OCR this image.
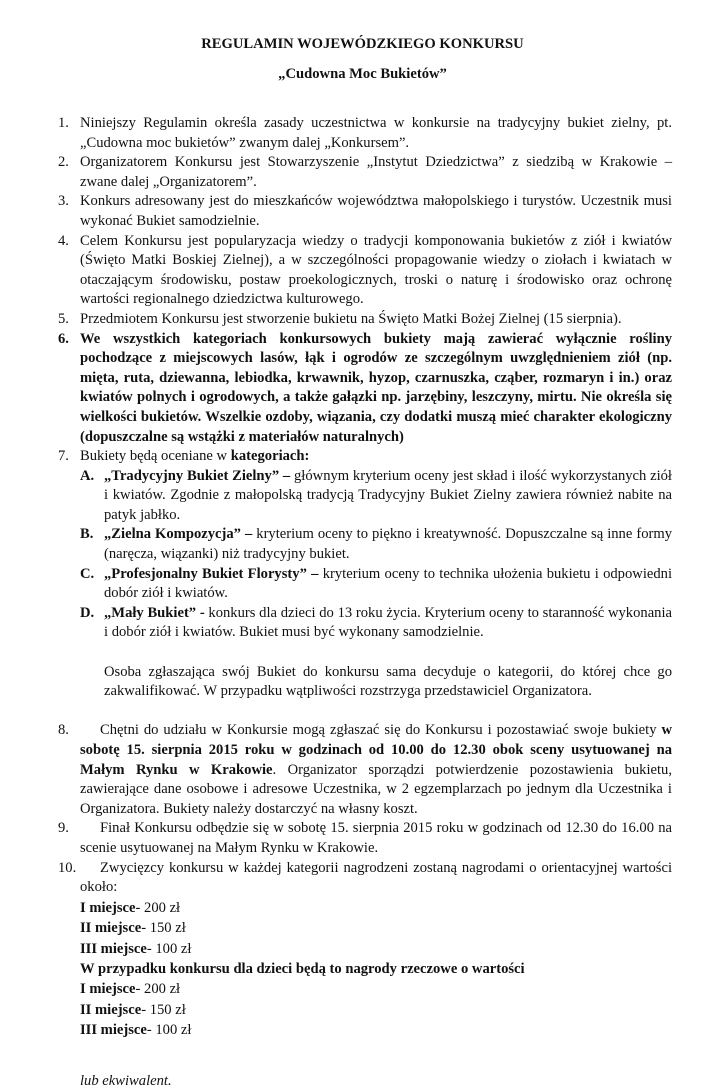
REGULAMIN WOJEWÓDZKIEGO KONKURSU
„Cudowna Moc Bukietów”
1. Niniejszy Regulamin określa zasady uczestnictwa w konkursie na tradycyjny bukiet zielny, pt. „Cudowna moc bukietów” zwanym dalej „Konkursem”.
2. Organizatorem Konkursu jest Stowarzyszenie „Instytut Dziedzictwa” z siedzibą w Krakowie – zwane dalej „Organizatorem”.
3. Konkurs adresowany jest do mieszkańców województwa małopolskiego i turystów. Uczestnik musi wykonać Bukiet samodzielnie.
4. Celem Konkursu jest popularyzacja wiedzy o tradycji komponowania bukietów z ziół i kwiatów (Święto Matki Boskiej Zielnej), a w szczególności propagowanie wiedzy o ziołach i kwiatach w otaczającym środowisku, postaw proekologicznych, troski o naturę i środowisko oraz ochronę wartości regionalnego dziedzictwa kulturowego.
5. Przedmiotem Konkursu jest stworzenie bukietu na Święto Matki Bożej Zielnej (15 sierpnia).
6. We wszystkich kategoriach konkursowych bukiety mają zawierać wyłącznie rośliny pochodzące z miejscowych lasów, łąk i ogrodów ze szczególnym uwzględnieniem ziół (np. mięta, ruta, dziewanna, lebiodka, krwawnik, hyzop, czarnuszka, cząber, rozmaryn i in.) oraz kwiatów polnych i ogrodowych, a także gałązki np. jarzębiny, leszczyny, mirtu. Nie określa się wielkości bukietów. Wszelkie ozdoby, wiązania, czy dodatki muszą mieć charakter ekologiczny (dopuszczalne są wstążki z materiałów naturalnych)
7. Bukiety będą oceniane w kategoriach:
A. „Tradycyjny Bukiet Zielny” – głównym kryterium oceny jest skład i ilość wykorzystanych ziół i kwiatów. Zgodnie z małopolską tradycją Tradycyjny Bukiet Zielny zawiera również nabite na patyk jabłko.
B. „Zielna Kompozycja” – kryterium oceny to piękno i kreatywność. Dopuszczalne są inne formy (naręcza, wiązanki) niż tradycyjny bukiet.
C. „Profesjonalny Bukiet Florysty” – kryterium oceny to technika ułożenia bukietu i odpowiedni dobór ziół i kwiatów.
D. „Mały Bukiet” - konkurs dla dzieci do 13 roku życia. Kryterium oceny to staranność wykonania i dobór ziół i kwiatów. Bukiet musi być wykonany samodzielnie.
Osoba zgłaszająca swój Bukiet do konkursu sama decyduje o kategorii, do której chce go zakwalifikować. W przypadku wątpliwości rozstrzyga przedstawiciel Organizatora.
8. Chętni do udziału w Konkursie mogą zgłaszać się do Konkursu i pozostawiać swoje bukiety w sobotę 15. sierpnia 2015 roku w godzinach od 10.00 do 12.30 obok sceny usytuowanej na Małym Rynku w Krakowie. Organizator sporządzi potwierdzenie pozostawienia bukietu, zawierające dane osobowe i adresowe Uczestnika, w 2 egzemplarzach po jednym dla Uczestnika i Organizatora. Bukiety należy dostarczyć na własny koszt.
9. Finał Konkursu odbędzie się w sobotę 15. sierpnia 2015 roku w godzinach od 12.30 do 16.00 na scenie usytuowanej na Małym Rynku w Krakowie.
10. Zwycięzcy konkursu w każdej kategorii nagrodzeni zostaną nagrodami o orientacyjnej wartości około:
I miejsce- 200 zł
II miejsce- 150 zł
III miejsce- 100 zł
W przypadku konkursu dla dzieci będą to nagrody rzeczowe o wartości
I miejsce- 200 zł
II miejsce- 150 zł
III miejsce- 100 zł
lub ekwiwalent.
